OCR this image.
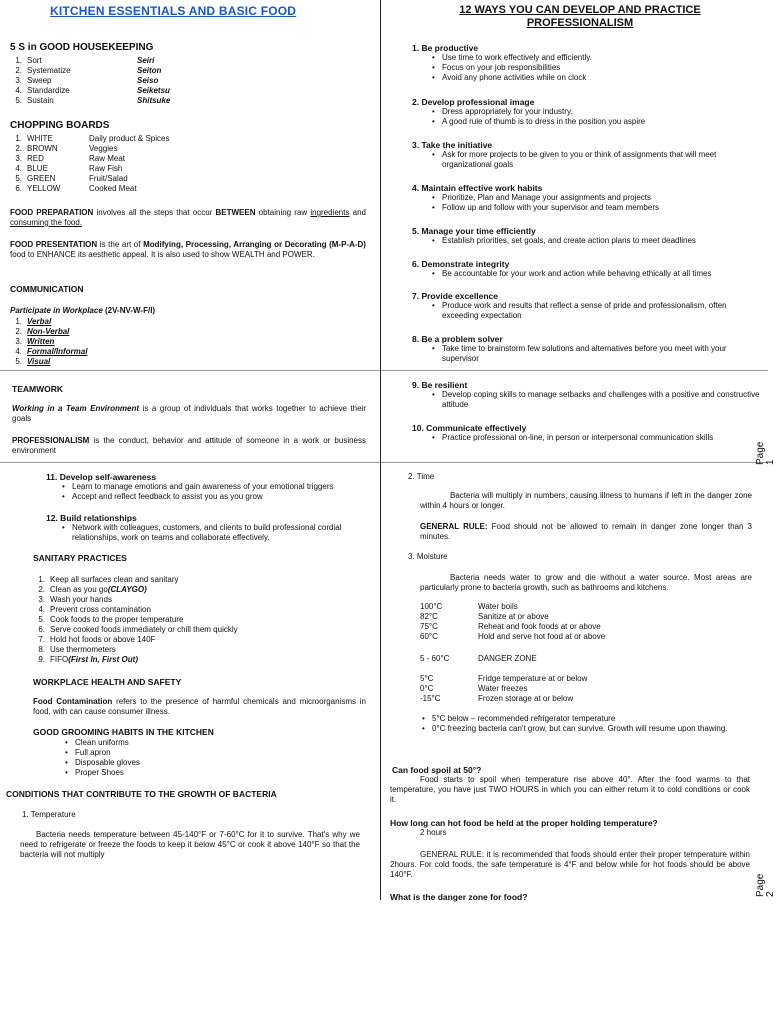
KITCHEN ESSENTIALS AND BASIC FOOD
5 S in GOOD HOUSEKEEPING
1. Sort	Seiri
2. Systematize	Seiton
3. Sweep	Seiso
4. Standardize	Seiketsu
5. Sustain	Shitsuke
CHOPPING BOARDS
1. WHITE	Daily product & Spices
2. BROWN	Veggies
3. RED	Raw Meat
4. BLUE	Raw Fish
5. GREEN	Fruit/Salad
6. YELLOW	Cooked Meat
FOOD PREPARATION involves all the steps that occur BETWEEN obtaining raw ingredients and consuming the food.
FOOD PRESENTATION is the art of Modifying, Processing, Arranging or Decorating (M-P-A-D) food to ENHANCE its aesthetic appeal. It is also used to show WEALTH and POWER.
COMMUNICATION
Participate in Workplace (2V-NV-W-F/I)
1. Verbal
2. Non-Verbal
3. Written
4. Formal/Informal
5. Visual
TEAMWORK
Working in a Team Environment is a group of individuals that works together to achieve their goals
PROFESSIONALISM is the conduct, behavior and attitude of someone in a work or business environment
11. Develop self-awareness
• Learn to manage emotions and gain awareness of your emotional triggers
• Accept and reflect feedback to assist you as you grow
12. Build relationships
• Network with colleagues, customers, and clients to build professional cordial relationships, work on teams and collaborate effectively.
SANITARY PRACTICES
1. Keep all surfaces clean and sanitary
2. Clean as you go (CLAYGO)
3. Wash your hands
4. Prevent cross contamination
5. Cook foods to the proper temperature
6. Serve cooked foods immediately or chill them quickly
7. Hold hot foods or above 140F
8. Use thermometers
9. FIFO (First In, First Out)
WORKPLACE HEALTH AND SAFETY
Food Contamination refers to the presence of harmful chemicals and microorganisms in food, with can cause consumer illness.
GOOD GROOMING HABITS IN THE KITCHEN
• Clean uniforms
• Full apron
• Disposable gloves
• Proper Shoes
CONDITIONS THAT CONTRIBUTE TO THE GROWTH OF BACTERIA
1. Temperature
Bacteria needs temperature between 45-140°F or 7-60°C for it to survive. That's why we need to refrigerate or freeze the foods to keep it below 45°C or cook it above 140°F so that the bacteria will not multiply
12 WAYS YOU CAN DEVELOP AND PRACTICE PROFESSIONALISM
1. Be productive
• Use time to work effectively and efficiently.
• Focus on your job responsibilities
• Avoid any phone activities while on clock
2. Develop professional image
• Dress appropriately for your industry.
• A good rule of thumb is to dress in the position you aspire
3. Take the initiative
• Ask for more projects to be given to you or think of assignments that will meet organizational goals
4. Maintain effective work habits
• Prioritize, Plan and Manage your assignments and projects
• Follow up and follow with your supervisor and team members
5. Manage your time efficiently
• Establish priorities, set goals, and create action plans to meet deadlines
6. Demonstrate integrity
• Be accountable for your work and action while behaving ethically at all times
7. Provide excellence
• Produce work and results that reflect a sense of pride and professionalism, often exceeding expectation
8. Be a problem solver
• Take time to brainstorm few solutions and alternatives before you meet with your supervisor
9. Be resilient
• Develop coping skills to manage setbacks and challenges with a positive and constructive attitude
10. Communicate effectively
• Practice professional on-line, in person or interpersonal communication skills
Page 1
2. Time
Bacteria will multiply in numbers, causing illness to humans if left in the danger zone within 4 hours or longer.
GENERAL RULE: Food should not be allowed to remain in danger zone longer than 3 minutes.
3. Moisture
Bacteria needs water to grow and die without a water source. Most areas are particularly prone to bacteria growth, such as bathrooms and kitchens.
100°C	Water boils
82°C	Sanitize at or above
75°C	Reheat and fook foods at or above
60°C	Hold and serve hot food at or above
5 - 60°C	DANGER ZONE
5°C	Fridge temperature at or below
0°C	Water freezes
-15°C	Frozen storage at or below
• 5°C below – recommended refrigerator temperature
• 0°C freezing bacteria can't grow, but can survive. Growth will resume upon thawing.
Can food spoil at 50°?
Food starts to spoil when temperature rise above 40°. After the food warms to that temperature, you have just TWO HOURS in which you can either return it to cold conditions or cook it.
How long can hot food be held at the proper holding temperature?
2 hours
GENERAL RULE: it is recommended that foods should enter their proper temperature within 2hours. For cold foods, the safe temperature is 4°F and below while for hot foods should be above 140°F.
What is the danger zone for food?	Page 2
